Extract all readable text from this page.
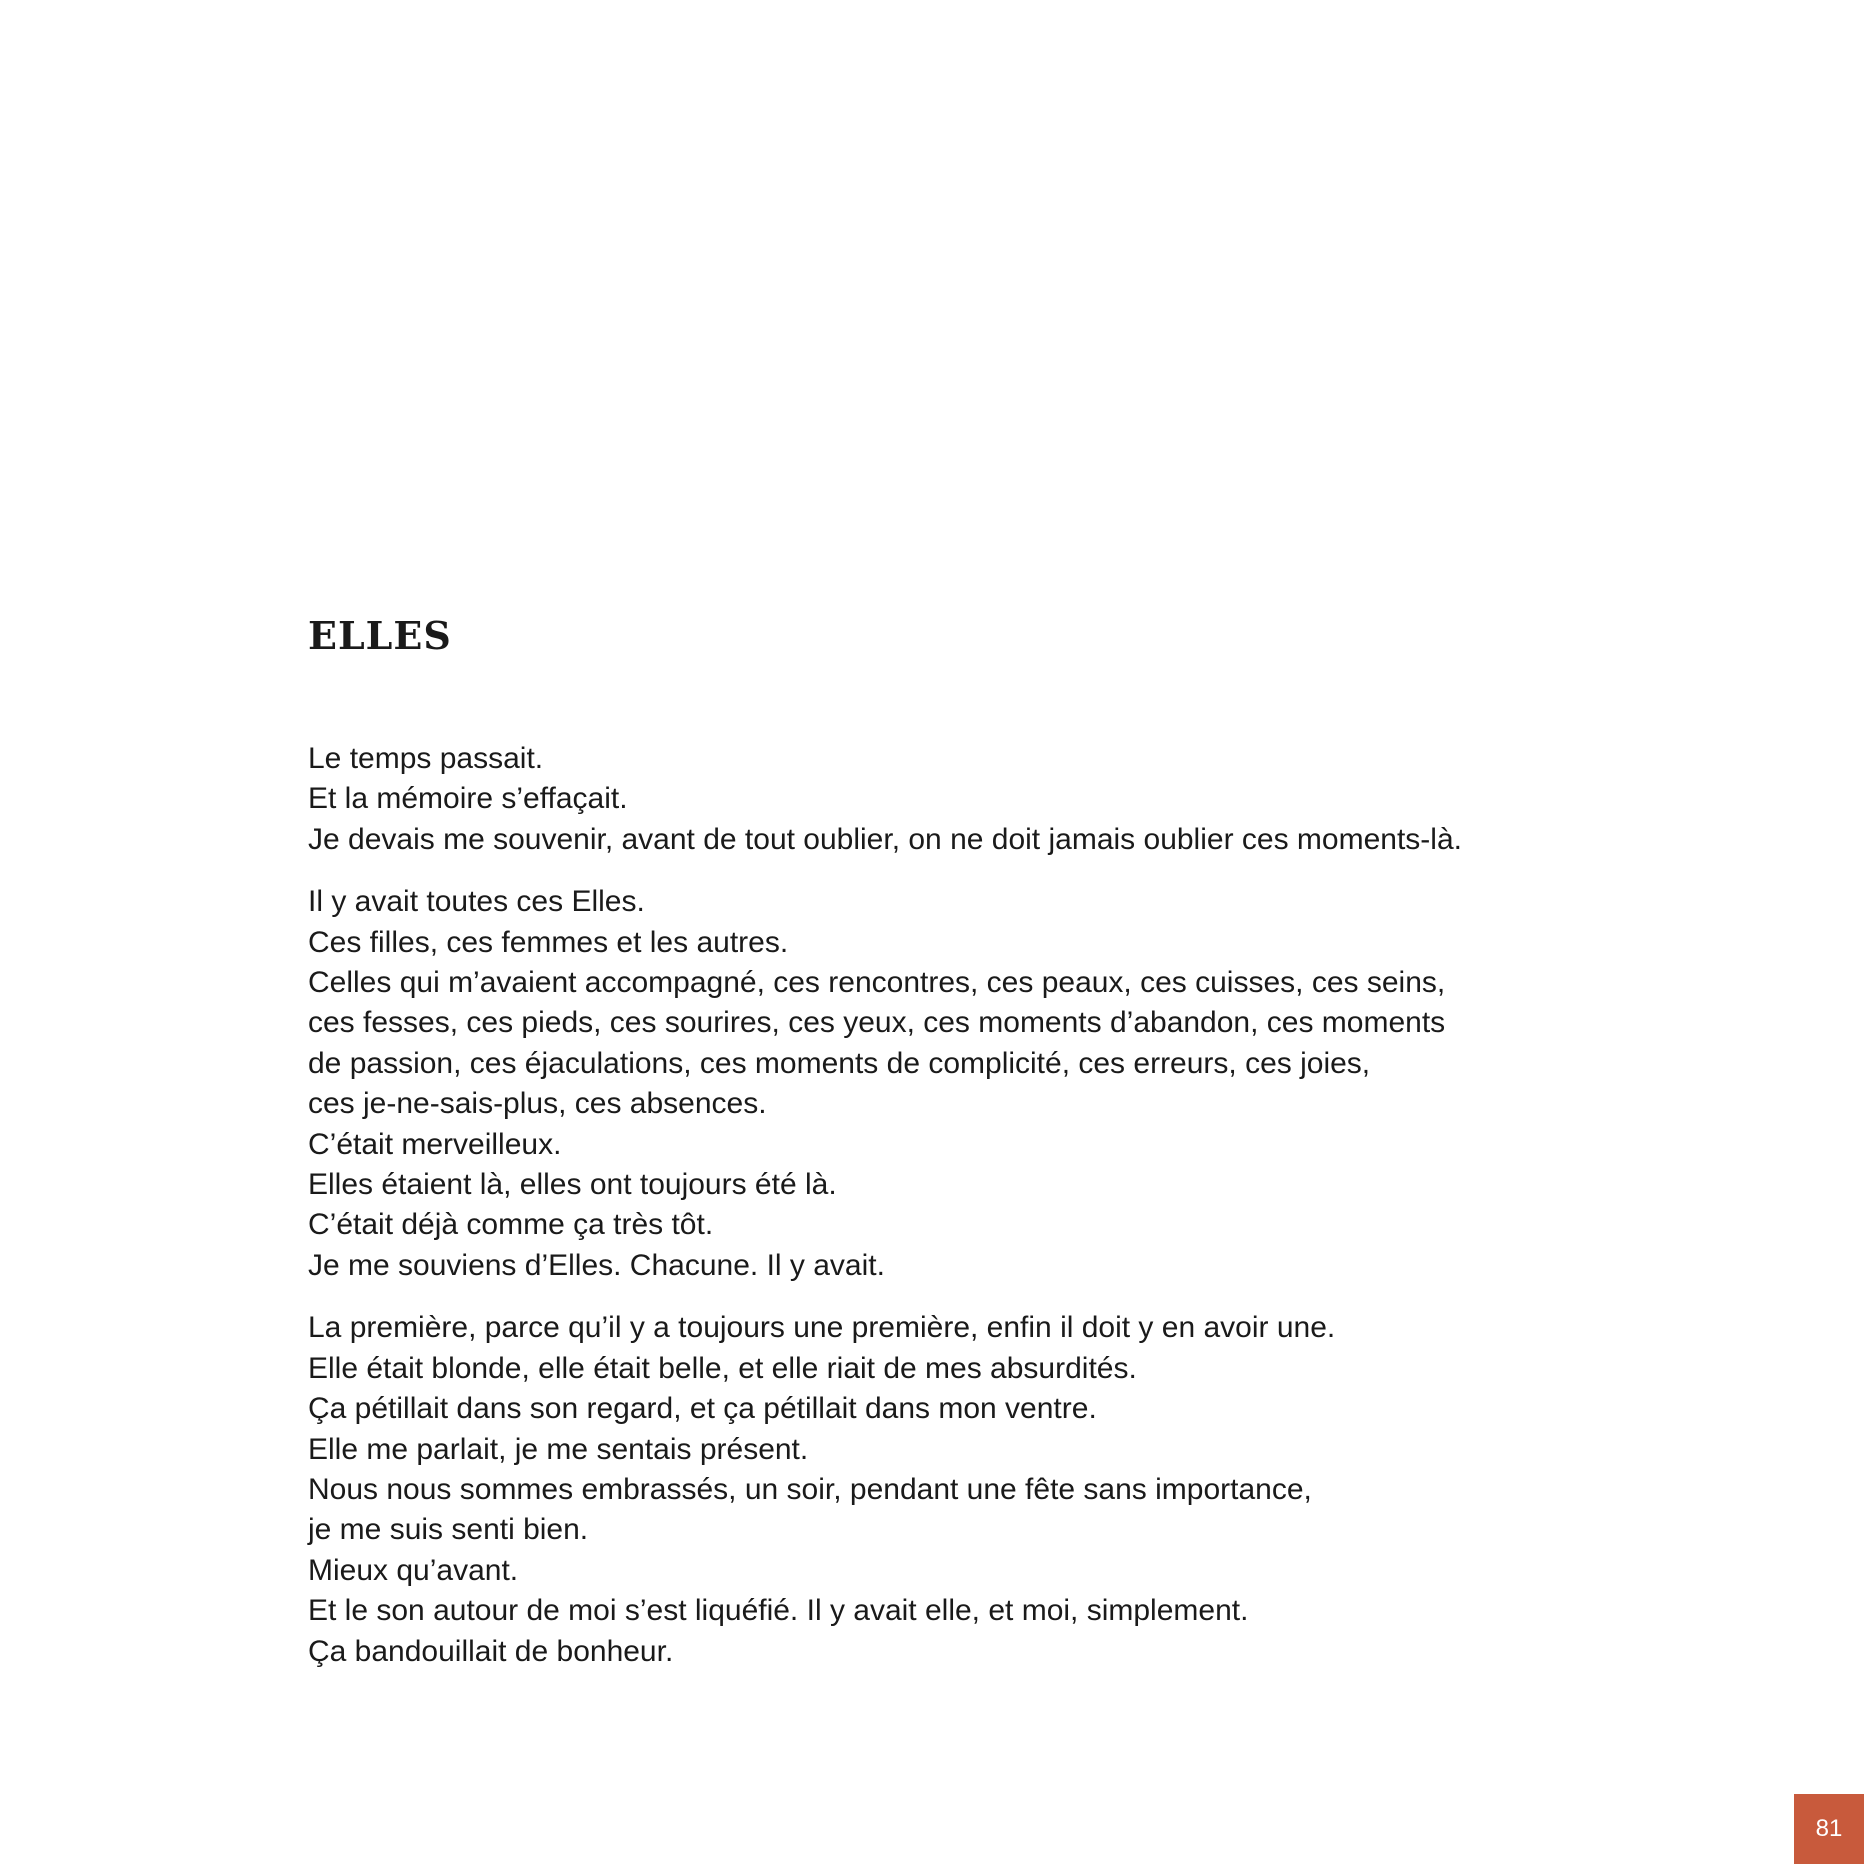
ELLES

Le temps passait.
Et la mémoire s’effaçait.
Je devais me souvenir, avant de tout oublier, on ne doit jamais oublier ces moments-là.

Il y avait toutes ces Elles.
Ces filles, ces femmes et les autres.
Celles qui m’avaient accompagné, ces rencontres, ces peaux, ces cuisses, ces seins,
ces fesses, ces pieds, ces sourires, ces yeux, ces moments d’abandon, ces moments
de passion, ces éjaculations, ces moments de complicité, ces erreurs, ces joies,
ces je-ne-sais-plus, ces absences.
C’était merveilleux.
Elles étaient là, elles ont toujours été là.
C’était déjà comme ça très tôt.
Je me souviens d’Elles. Chacune. Il y avait.

La première, parce qu’il y a toujours une première, enfin il doit y en avoir une.
Elle était blonde, elle était belle, et elle riait de mes absurdités.
Ça pétillait dans son regard, et ça pétillait dans mon ventre.
Elle me parlait, je me sentais présent.
Nous nous sommes embrassés, un soir, pendant une fête sans importance,
je me suis senti bien.
Mieux qu’avant.
Et le son autour de moi s’est liquéfié. Il y avait elle, et moi, simplement.
Ça bandouillait de bonheur.

81
